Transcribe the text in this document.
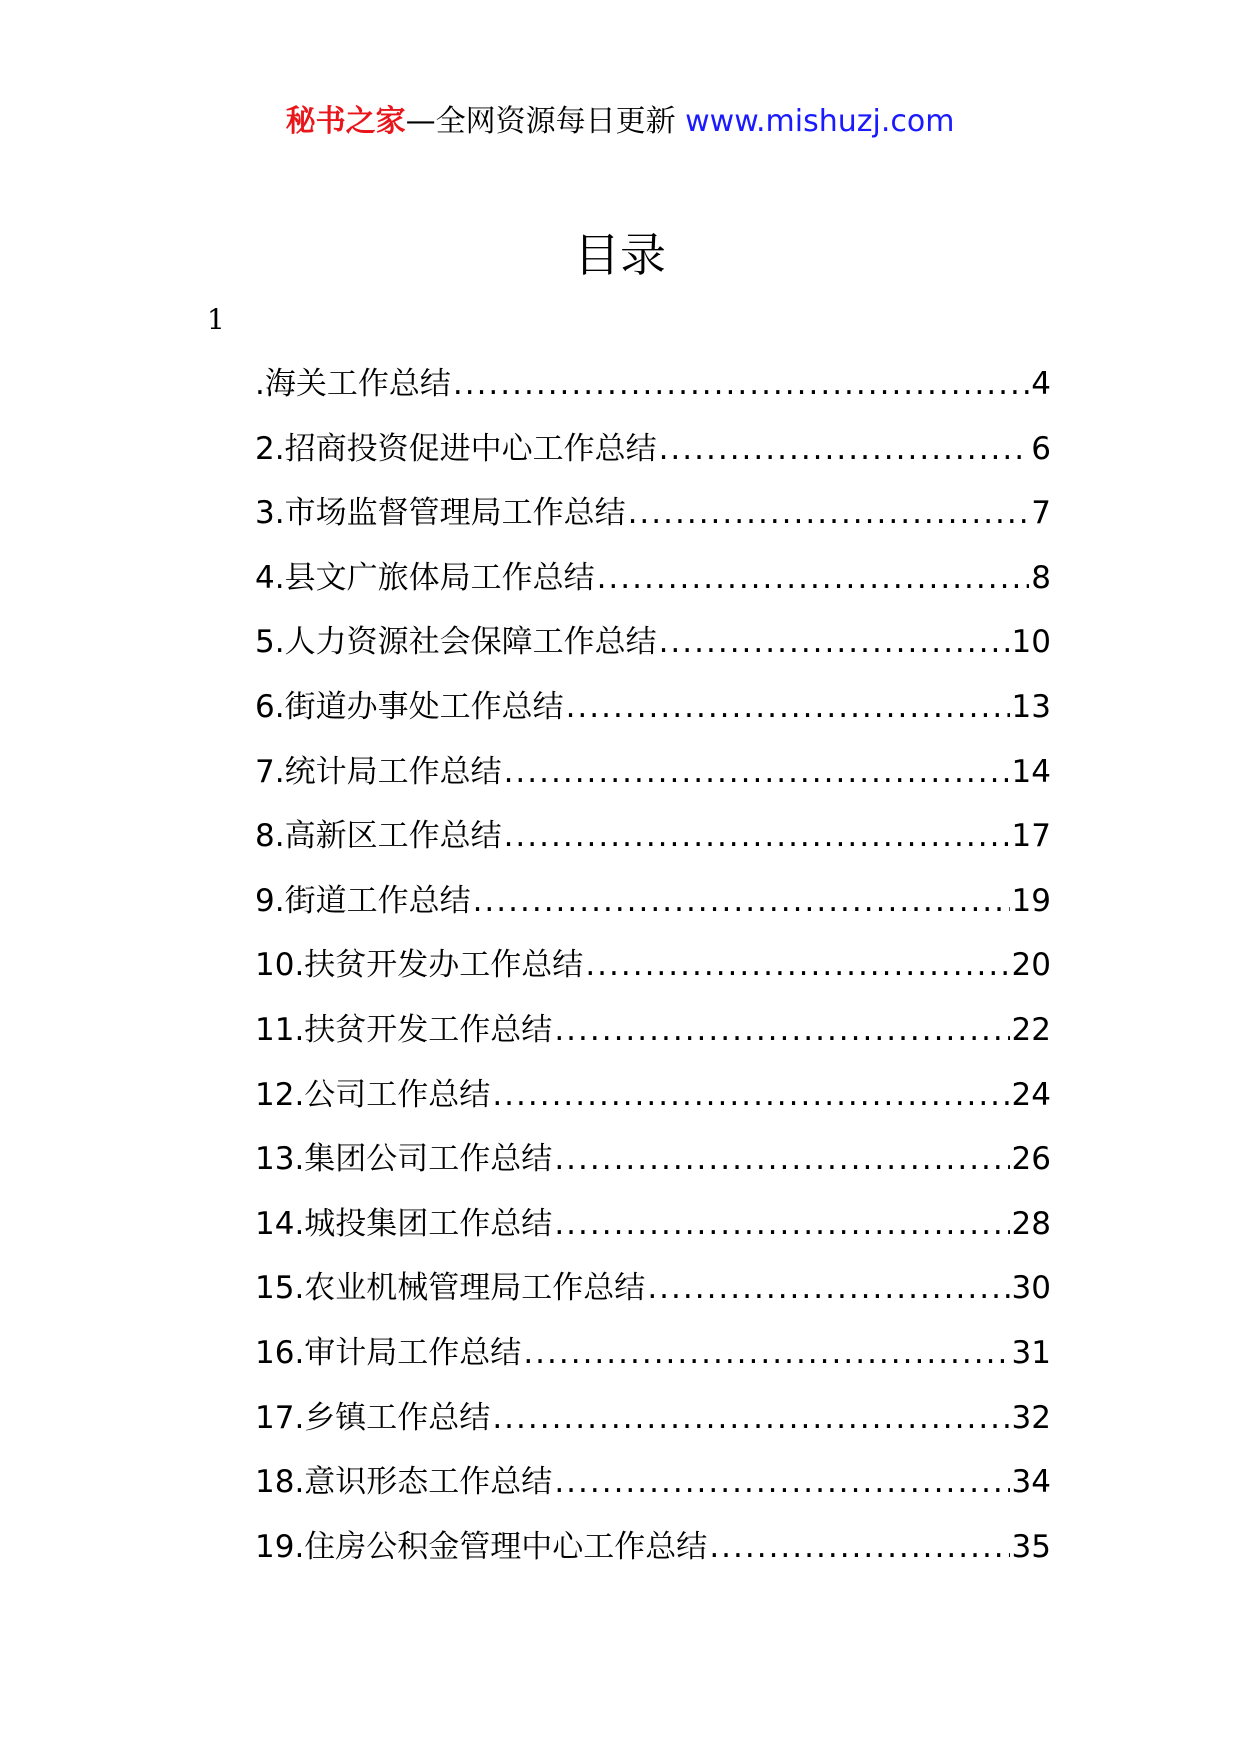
秘书之家—全网资源每日更新 www.mishuzj.com
目录
1
.海关工作总结 .....	4
2.招商投资促进中心工作总结 .....	6
3.市场监督管理局工作总结 .....	7
4.县文广旅体局工作总结 .....	8
5.人力资源社会保障工作总结 .....	10
6.街道办事处工作总结 .....	13
7.统计局工作总结 .....	14
8.高新区工作总结 .....	17
9.街道工作总结 .....	19
10.扶贫开发办工作总结 .....	20
11.扶贫开发工作总结 .....	22
12.公司工作总结 .....	24
13.集团公司工作总结 .....	26
14.城投集团工作总结 .....	28
15.农业机械管理局工作总结 .....	30
16.审计局工作总结 .....	31
17.乡镇工作总结 .....	32
18.意识形态工作总结 .....	34
19.住房公积金管理中心工作总结 .....	35
